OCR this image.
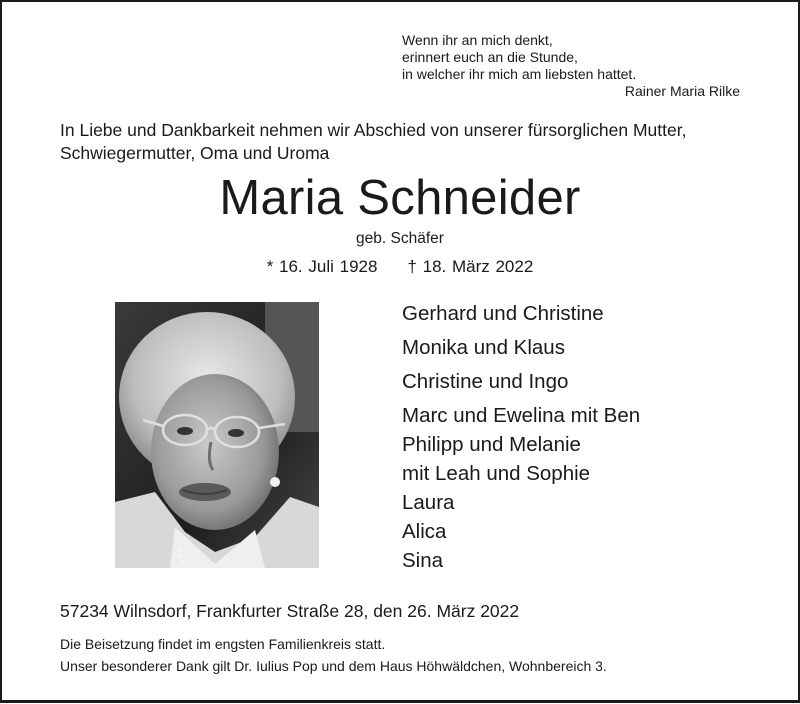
Wenn ihr an mich denkt,
erinnert euch an die Stunde,
in welcher ihr mich am liebsten hattet.
Rainer Maria Rilke
In Liebe und Dankbarkeit nehmen wir Abschied von unserer fürsorglichen Mutter, Schwiegermutter, Oma und Uroma
Maria Schneider
geb. Schäfer
* 16. Juli 1928 † 18. März 2022
Gerhard und Christine
Monika und Klaus
Christine und Ingo
Marc und Ewelina mit Ben
Philipp und Melanie
mit Leah und Sophie
Laura
Alica
Sina
57234 Wilnsdorf, Frankfurter Straße 28, den 26. März 2022
Die Beisetzung findet im engsten Familienkreis statt.
Unser besonderer Dank gilt Dr. Iulius Pop und dem Haus Höhwäldchen, Wohnbereich 3.
